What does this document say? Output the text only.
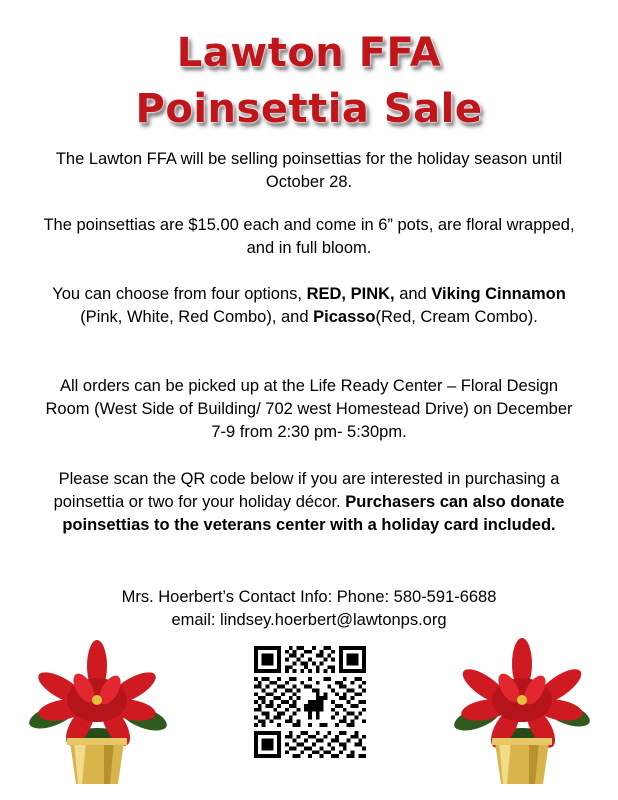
Lawton FFA
Poinsettia Sale

The Lawton FFA will be selling poinsettias for the holiday season until October 28.

The poinsettias are $15.00 each and come in 6” pots, are floral wrapped, and in full bloom.

You can choose from four options, RED, PINK, and Viking Cinnamon (Pink, White, Red Combo), and Picasso(Red, Cream Combo).

All orders can be picked up at the Life Ready Center – Floral Design Room (West Side of Building/ 702 west Homestead Drive) on December 7-9 from 2:30 pm- 5:30pm.

Please scan the QR code below if you are interested in purchasing a poinsettia or two for your holiday décor. Purchasers can also donate poinsettias to the veterans center with a holiday card included.

Mrs. Hoerbert’s Contact Info: Phone: 580-591-6688
email: lindsey.hoerbert@lawtonps.org
